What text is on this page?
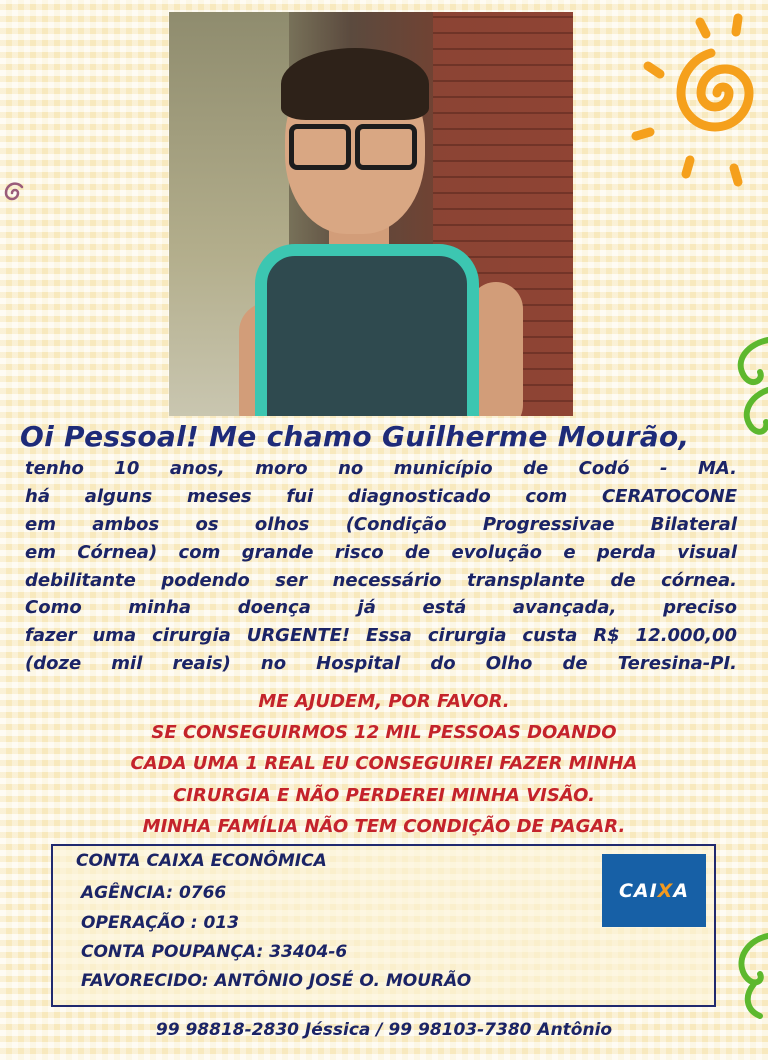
Oi Pessoal! Me chamo Guilherme Mourão,
tenho 10 anos, moro no município de Codó - MA.
há alguns meses fui diagnosticado com CERATOCONE
em ambos os olhos (Condição Progressivae Bilateral
em Córnea) com grande risco de evolução e perda visual
debilitante podendo ser necessário transplante de córnea.
Como minha doença já está avançada, preciso
fazer uma cirurgia URGENTE! Essa cirurgia custa R$ 12.000,00
(doze mil reais) no Hospital do Olho de Teresina-PI.
ME AJUDEM, POR FAVOR.
SE CONSEGUIRMOS 12 MIL PESSOAS DOANDO
CADA UMA 1 REAL EU CONSEGUIREI FAZER MINHA
CIRURGIA E NÃO PERDEREI MINHA VISÃO.
MINHA FAMÍLIA NÃO TEM CONDIÇÃO DE PAGAR.
CONTA CAIXA ECONÔMICA
AGÊNCIA: 0766
OPERAÇÃO : 013
CONTA POUPANÇA: 33404-6
FAVORECIDO: ANTÔNIO JOSÉ O. MOURÃO
CAIXA
99 98818-2830 Jéssica / 99 98103-7380 Antônio
